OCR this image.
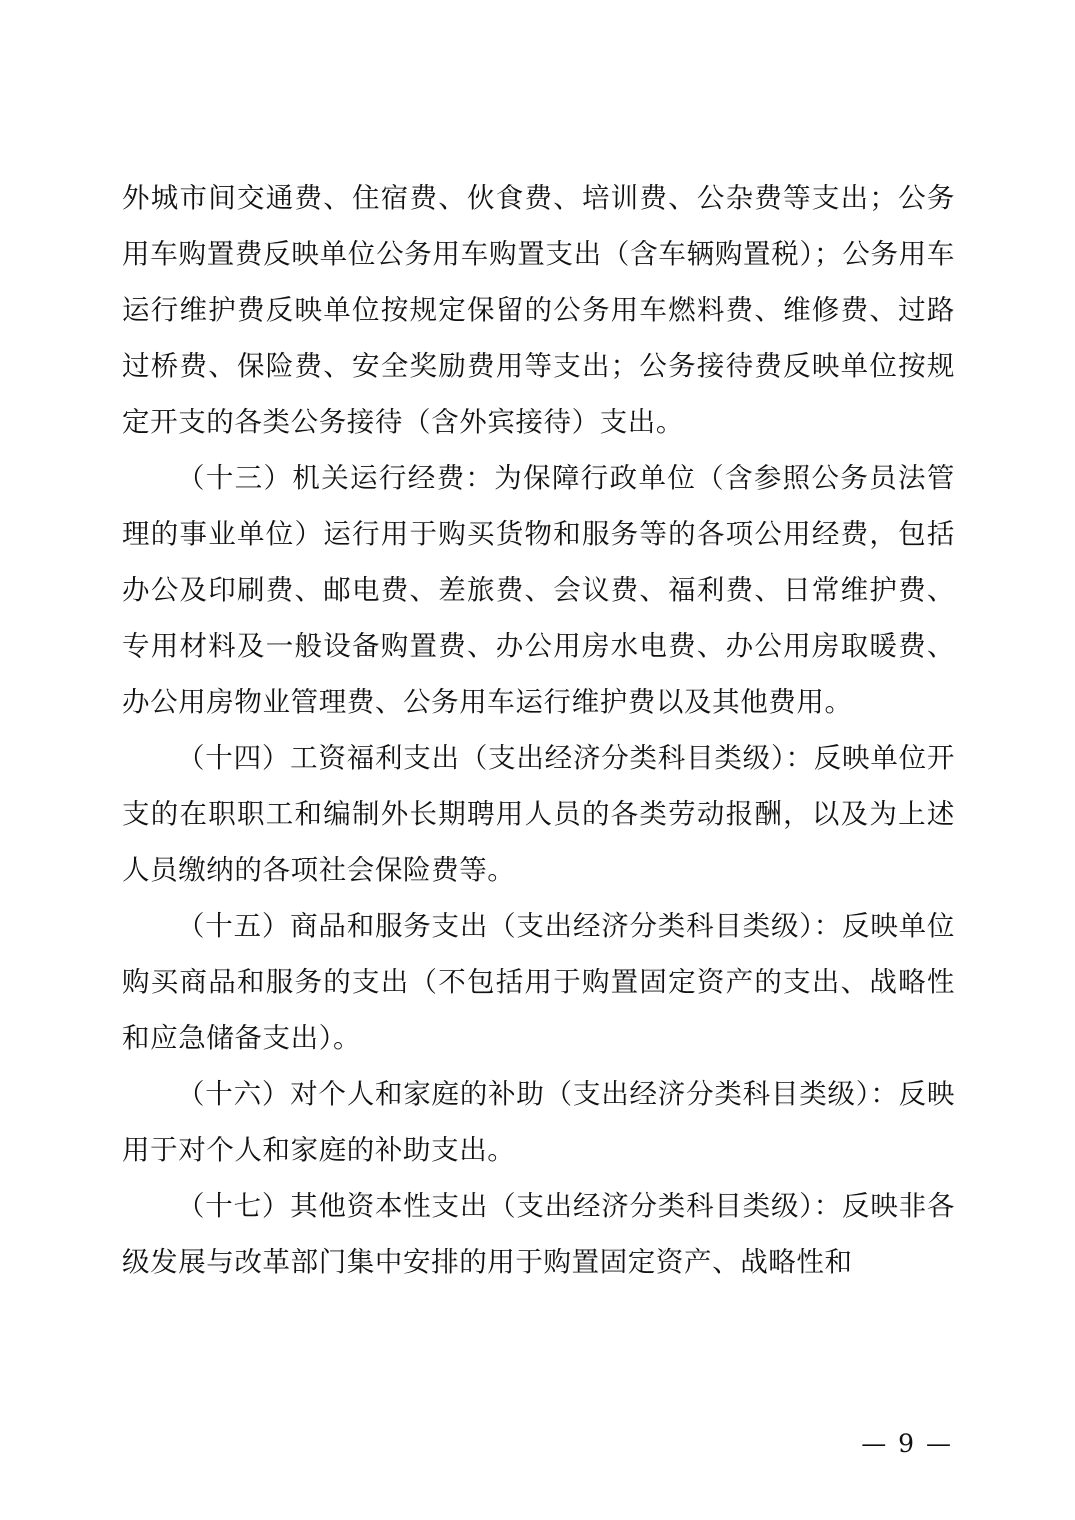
外城市间交通费、住宿费、伙食费、培训费、公杂费等支出；公务用车购置费反映单位公务用车购置支出（含车辆购置税）；公务用车运行维护费反映单位按规定保留的公务用车燃料费、维修费、过路过桥费、保险费、安全奖励费用等支出；公务接待费反映单位按规定开支的各类公务接待（含外宾接待）支出。

（十三）机关运行经费：为保障行政单位（含参照公务员法管理的事业单位）运行用于购买货物和服务等的各项公用经费，包括办公及印刷费、邮电费、差旅费、会议费、福利费、日常维护费、专用材料及一般设备购置费、办公用房水电费、办公用房取暖费、办公用房物业管理费、公务用车运行维护费以及其他费用。

（十四）工资福利支出（支出经济分类科目类级）：反映单位开支的在职职工和编制外长期聘用人员的各类劳动报酬，以及为上述人员缴纳的各项社会保险费等。

（十五）商品和服务支出（支出经济分类科目类级）：反映单位购买商品和服务的支出（不包括用于购置固定资产的支出、战略性和应急储备支出）。

（十六）对个人和家庭的补助（支出经济分类科目类级）：反映用于对个人和家庭的补助支出。

（十七）其他资本性支出（支出经济分类科目类级）：反映非各级发展与改革部门集中安排的用于购置固定资产、战略性和

— 9 —
